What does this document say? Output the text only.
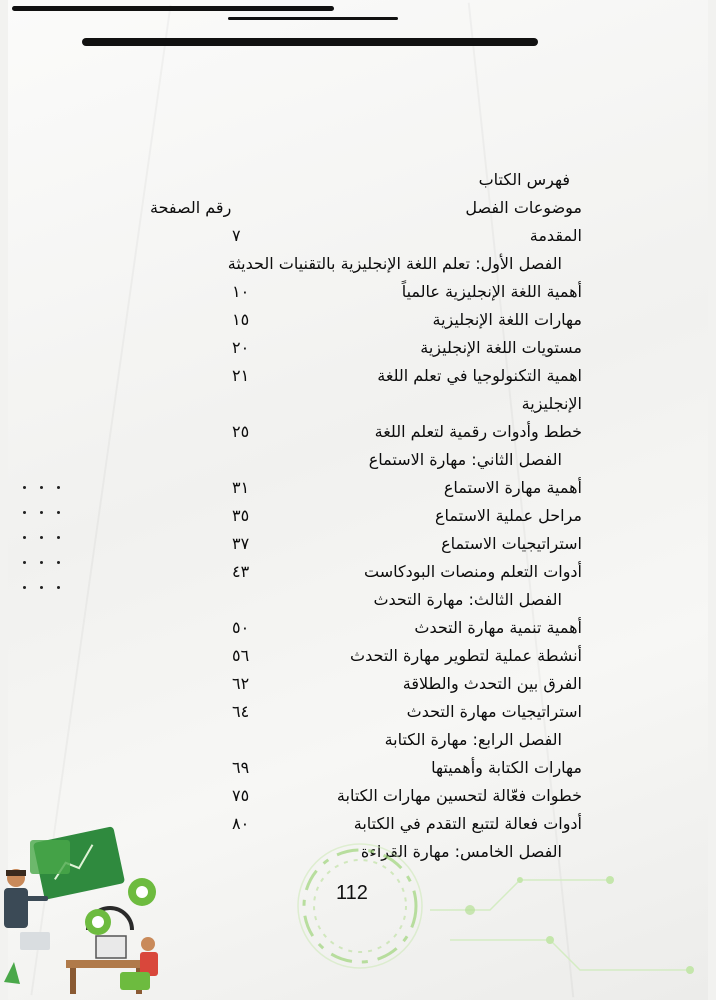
فهرس الكتاب
موضوعات الفصل
رقم الصفحة
المقدمة
٧
الفصل الأول: تعلم اللغة الإنجليزية بالتقنيات الحديثة
أهمية اللغة الإنجليزية عالمياً
١٠
مهارات اللغة الإنجليزية
١٥
مستويات اللغة الإنجليزية
٢٠
اهمية التكنولوجيا في تعلم اللغة
٢١
الإنجليزية
خطط وأدوات رقمية لتعلم اللغة
٢٥
الفصل الثاني: مهارة الاستماع
أهمية مهارة الاستماع
٣١
مراحل عملية الاستماع
٣٥
استراتيجيات الاستماع
٣٧
أدوات التعلم ومنصات البودكاست
٤٣
الفصل الثالث: مهارة التحدث
أهمية تنمية مهارة التحدث
٥٠
أنشطة عملية لتطوير مهارة التحدث
٥٦
الفرق بين التحدث والطلاقة
٦٢
استراتيجيات مهارة التحدث
٦٤
الفصل الرابع: مهارة الكتابة
مهارات الكتابة وأهميتها
٦٩
خطوات فعّالة لتحسين مهارات الكتابة
٧٥
أدوات فعالة لتتبع التقدم في الكتابة
٨٠
الفصل الخامس: مهارة القراءة
112
